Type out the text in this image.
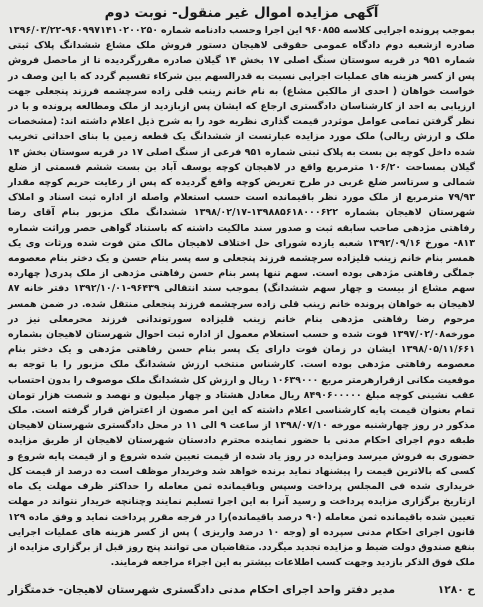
آگهی مزایده اموال غیر منقول- نوبت دوم

بموجب پرونده اجرایی کلاسه ۹۶۰۸۵۵ این اجرا وحسب دادنامه شماره ۹۶۰۹۹۷۱۴۱۰۲۰۰۲۵۰-۱۳۹۶/۰۳/۲۲ صادره ازشعبه دوم دادگاه عمومی حقوقی لاهیجان دستور فروش ملک مشاع ششدانگ پلاک ثبتی شماره ۹۵۱ در قریه سوستان سنگ اصلی ۱۷ بخش ۱۴ گیلان صادره مقررگردیده تا از ماحصل فروش پس از کسر هزینه های عملیات اجرایی نسبت به قدرالسهم بین شرکاء تقسیم گردد که با این وصف در خواست خواهان ( احدی از مالکین مشاع) به نام خانم زینب قلی زاده سرچشمه فرزند پنجعلی جهت ارزیابی به احد از کارشناسان دادگستری ارجاع که ایشان پس ازبازدید از ملک ومطالعه پرونده و با در نظر گرفتن تمامی عوامل موثردر قیمت گذاری نظریه خود را به شرح ذیل اعلام داشته اند: (مشخصات ملک و ارزش ریالی) ملک مورد مزایده عبارتست از ششدانگ یک قطعه زمین با بنای احداثی تخریب شده داخل کوچه بن بست به پلاک ثبتی شماره ۹۵۱ فرعی از سنگ اصلی ۱۷ در قریه سوستان بخش ۱۴ گیلان بمساحت ۱۰۶/۲۰ مترمربع واقع در لاهیجان کوچه یوسف آباد بن بست ششم قسمتی از ضلع شمالی و سرتاسر ضلع غربی در طرح تعریض کوچه واقع گردیده که پس از رعایت حریم کوچه مقدار ۷۹/۹۳ مترمربع از ملک مورد نظر باقیمانده است حسب استعلام واصله از اداره ثبت اسناد و املاک شهرستان لاهیجان بشماره ۱۳۹۸۸۵۶۱۸۰۰۰۶۲۲-۱۳۹۸/۰۲/۱۷ ششدانگ ملک مزبور بنام آقای رضا رفاهتی مژدهی صاحب سابقه ثبت و صدور سند مالکیت داشته که باستناد گواهی حصر وراثت شماره ۸۱۳- مورخ ۱۳۹۲/۰۹/۱۶ شعبه یازده شورای حل اختلاف لاهیجان مالک متن فوت شده ورثات وی یک همسر بنام خانم زینب قلیزاده سرچشمه فرزند پنجعلی و سه پسر بنام حسن و یک دختر بنام معصومه جملگی رفاهتی مژدهی بوده است. سهم تنها پسر بنام حسن رفاهتی مژدهی از ملک پدری( چهارده سهم مشاع از بیست و چهار سهم ششدانگ) بموجب سند انتقالی ۹۶۴۳۹-۱۳۹۲/۱۰/۰۱ دفتر خانه ۸۷ لاهیجان به خواهان پرونده خانم زینب قلی زاده سرچشمه فرزند پنجعلی منتقل شده. در ضمن همسر مرحوم رضا رفاهتی مژدهی بنام خانم زینب قلیزاده سورتوندانی فرزند محرمعلی نیز در مورخه۱۳۹۷/۰۲/۰۸ فوت شده و حسب استعلام معمول از اداره ثبت احوال شهرستان لاهیجان بشماره ۱۳۹۸/۰۵/۱۱/۶۶۱ ایشان در زمان فوت دارای یک پسر بنام حسن رفاهتی مژدهی و یک دختر بنام معصومه رفاهتی مژدهی بوده است. کارشناس منتخب ارزش ششدانگ ملک مزبور را با توجه به موقعیت مکانی ازقرارهرمتر مربع ۱۰۶۳۹۰۰۰ ریال و ارزش کل ششدانگ ملک موصوف را بدون احتساب عقب نشینی کوچه مبلغ ۸۴۹۰۶۰۰۰۰۰ ریال معادل هشتاد و چهار میلیون و نهصد و شصت هزار تومان تمام بعنوان قیمت پایه کارشناسی اعلام داشته که این امر مصون از اعتراض قرار گرفته است. ملک مذکور در روز چهارشنبه مورخه ۱۳۹۸/۰۷/۱۰ از ساعت ۹ الی ۱۱ در محل دادگستری شهرستان لاهیجان طبقه دوم اجرای احکام مدنی با حضور نماینده محترم دادستان شهرستان لاهیجان از طریق مزایده حضوری به فروش میرسد ومزایده در روز یاد شده از قیمت تعیین شده شروع و از قیمت پایه شروع و کسی که بالاترین قیمت را پیشنهاد نماید برنده خواهد شد وخریدار موظف است ده درصد از قیمت کل خریداری شده فی المجلس پرداخت وسپس وباقیمانده ثمن معامله را حداکثر ظرف مهلت یک ماه ازتاریخ برگزاری مزایده پرداخت و رسید آنرا به این اجرا تسلیم نمایند وچنانچه خریدار نتواند در مهلت تعیین شده باقیمانده ثمن معامله (۹۰ درصد باقیمانده)را در فرجه مقرر پرداخت نماید و وفق ماده ۱۲۹ قانون اجرای احکام مدنی سپرده او (وجه ۱۰ درصد واریزی ) پس از کسر هزینه های عملیات اجرایی بنفع صندوق دولت ضبط و مزایده تجدید میگردد. متقاضیان می توانند پنج روز قبل از برگزاری مزایده از ملک فوق الذکر بازدید وجهت کسب اطلاعات بیشتر به این اجراء مراجعه فرمایند.

ح ۱۲۸۰
مدیر دفتر واحد اجرای احکام مدنی دادگستری شهرستان لاهیجان- خدمتگزار
